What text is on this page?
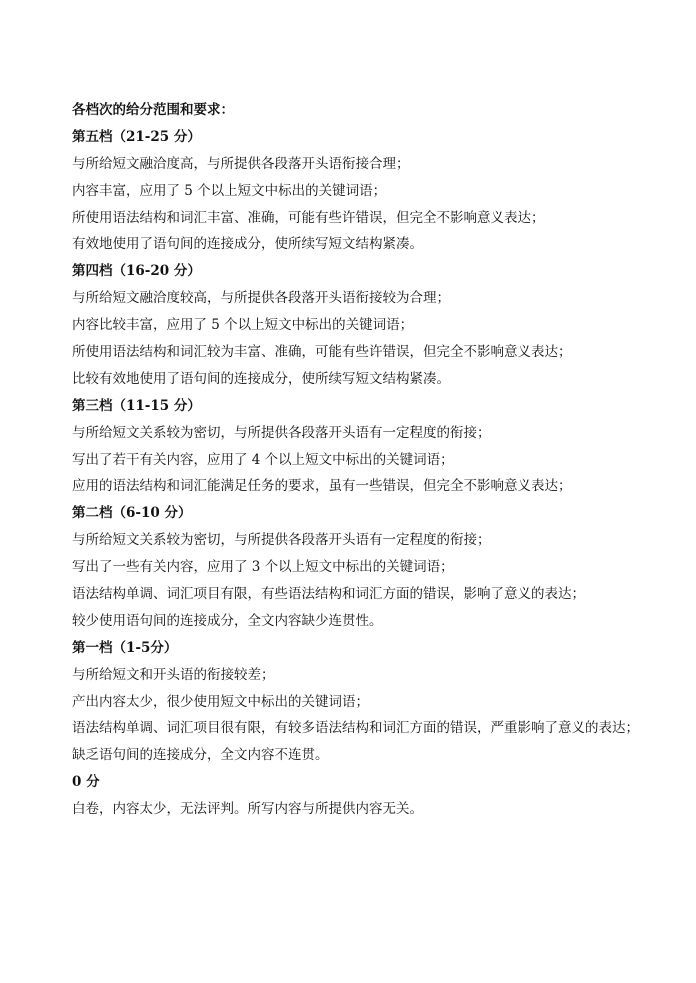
各档次的给分范围和要求：
第五档（21-25 分）
与所给短文融洽度高，与所提供各段落开头语衔接合理；
内容丰富，应用了 5 个以上短文中标出的关键词语；
所使用语法结构和词汇丰富、准确，可能有些许错误，但完全不影响意义表达；
有效地使用了语句间的连接成分，使所续写短文结构紧凑。
第四档（16-20 分）
与所给短文融洽度较高，与所提供各段落开头语衔接较为合理；
内容比较丰富，应用了 5 个以上短文中标出的关键词语；
所使用语法结构和词汇较为丰富、准确，可能有些许错误，但完全不影响意义表达；
比较有效地使用了语句间的连接成分，使所续写短文结构紧凑。
第三档（11-15 分）
与所给短文关系较为密切，与所提供各段落开头语有一定程度的衔接；
写出了若干有关内容，应用了 4 个以上短文中标出的关键词语；
应用的语法结构和词汇能满足任务的要求，虽有一些错误，但完全不影响意义表达；
第二档（6-10 分）
与所给短文关系较为密切，与所提供各段落开头语有一定程度的衔接；
写出了一些有关内容，应用了 3 个以上短文中标出的关键词语；
语法结构单调、词汇项目有限，有些语法结构和词汇方面的错误，影响了意义的表达；
较少使用语句间的连接成分，全文内容缺少连贯性。
第一档（1-5分）
与所给短文和开头语的衔接较差；
产出内容太少，很少使用短文中标出的关键词语；
语法结构单调、词汇项目很有限，有较多语法结构和词汇方面的错误，严重影响了意义的表达；
缺乏语句间的连接成分，全文内容不连贯。
0 分
白卷，内容太少，无法评判。所写内容与所提供内容无关。
